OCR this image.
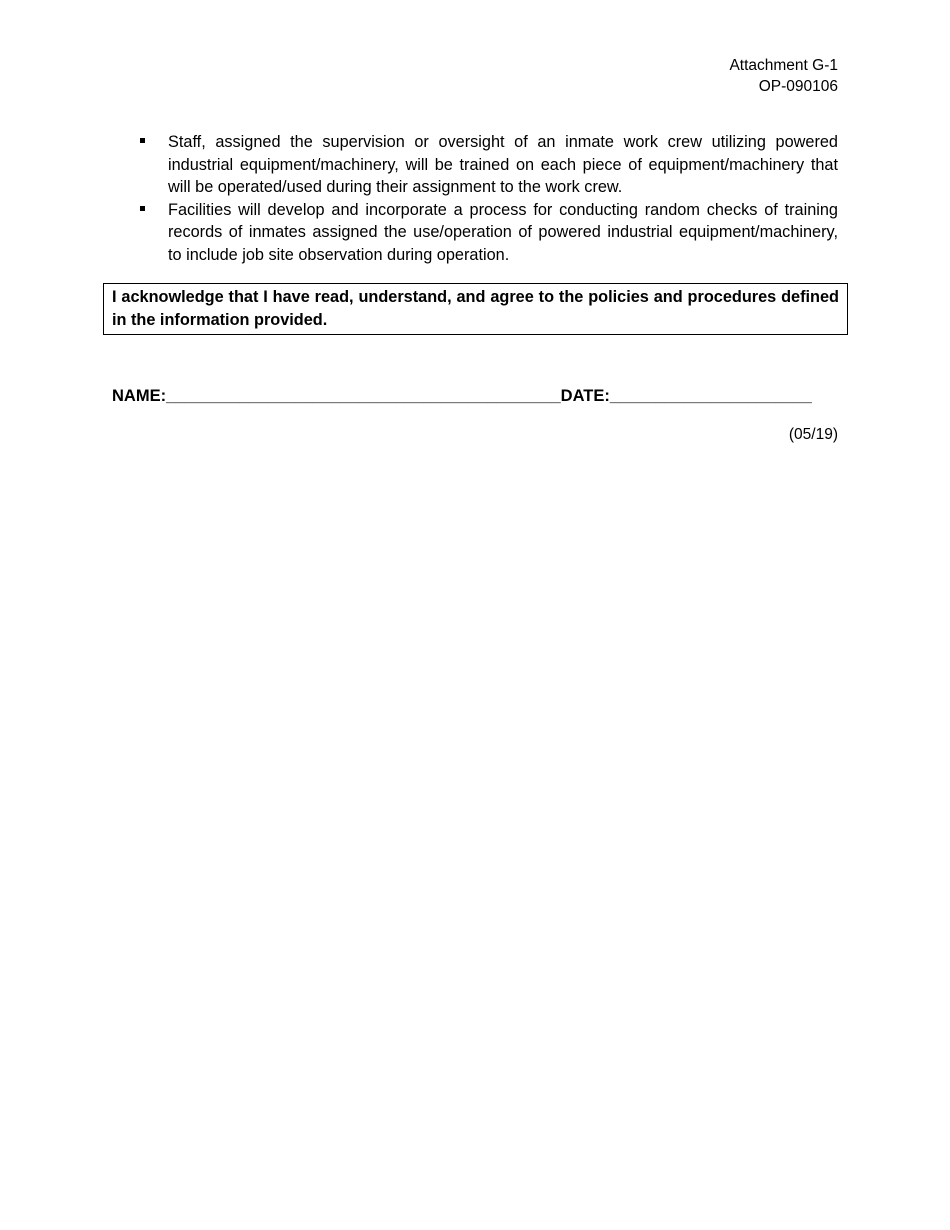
Attachment G-1
OP-090106
Staff, assigned the supervision or oversight of an inmate work crew utilizing powered industrial equipment/machinery, will be trained on each piece of equipment/machinery that will be operated/used during their assignment to the work crew.
Facilities will develop and incorporate a process for conducting random checks of training records of inmates assigned the use/operation of powered industrial equipment/machinery, to include job site observation during operation.
I acknowledge that I have read, understand, and agree to the policies and procedures defined in the information provided.
NAME:___________________________________________DATE:______________________
(05/19)
